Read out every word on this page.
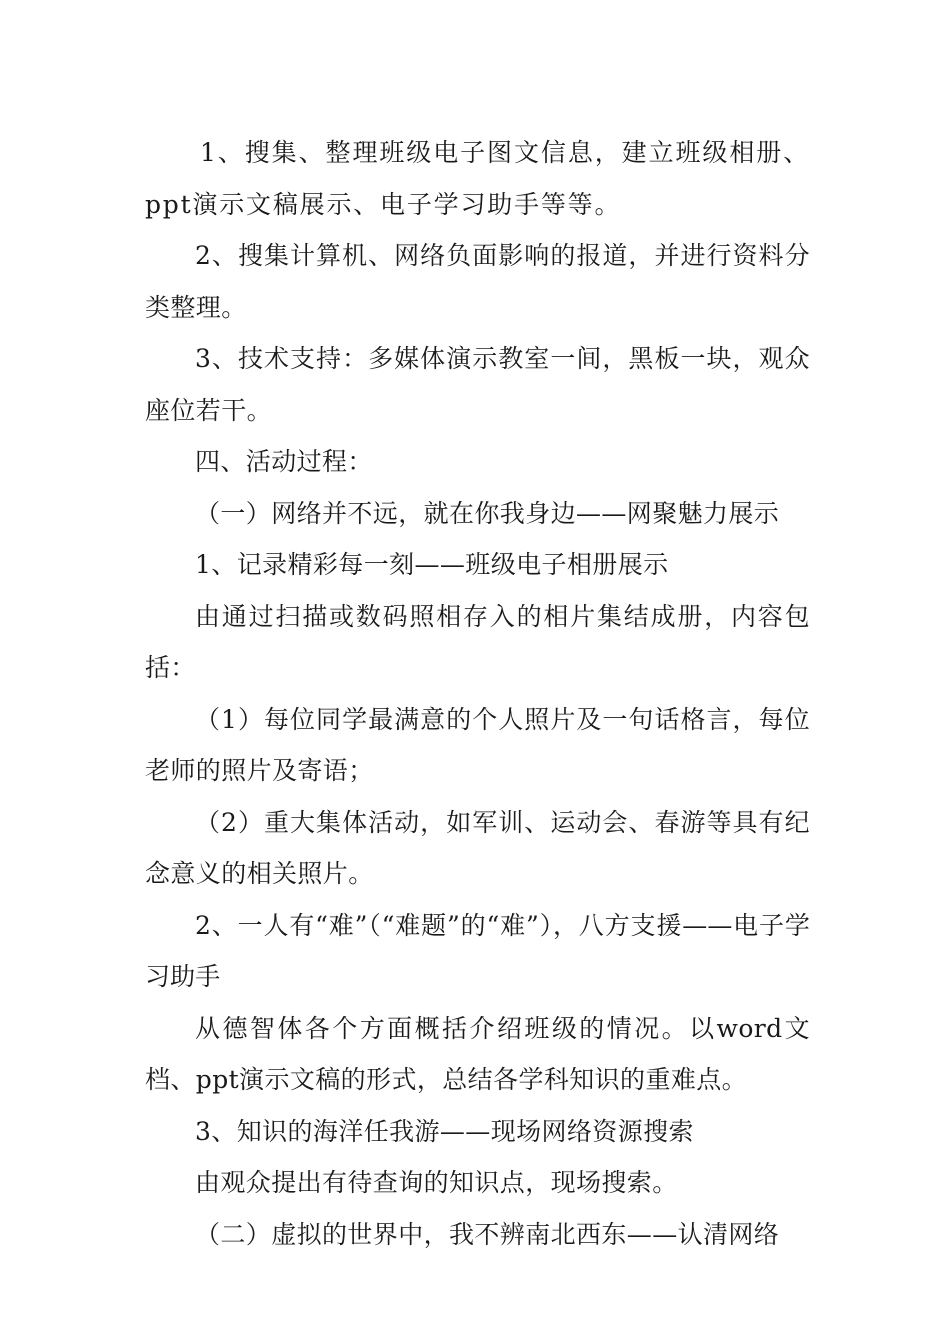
1、搜集、整理班级电子图文信息，建立班级相册、ppt演示文稿展示、电子学习助手等等。

2、搜集计算机、网络负面影响的报道，并进行资料分类整理。

3、技术支持：多媒体演示教室一间，黑板一块，观众座位若干。

四、活动过程：

（一）网络并不远，就在你我身边——网聚魅力展示

1、记录精彩每一刻——班级电子相册展示

由通过扫描或数码照相存入的相片集结成册，内容包括：

（1）每位同学最满意的个人照片及一句话格言，每位老师的照片及寄语；

（2）重大集体活动，如军训、运动会、春游等具有纪念意义的相关照片。

2、一人有“难”（“难题”的“难”），八方支援——电子学习助手

从德智体各个方面概括介绍班级的情况。以word文档、ppt演示文稿的形式，总结各学科知识的重难点。

3、知识的海洋任我游——现场网络资源搜索

由观众提出有待查询的知识点，现场搜索。

（二）虚拟的世界中，我不辨南北西东——认清网络
